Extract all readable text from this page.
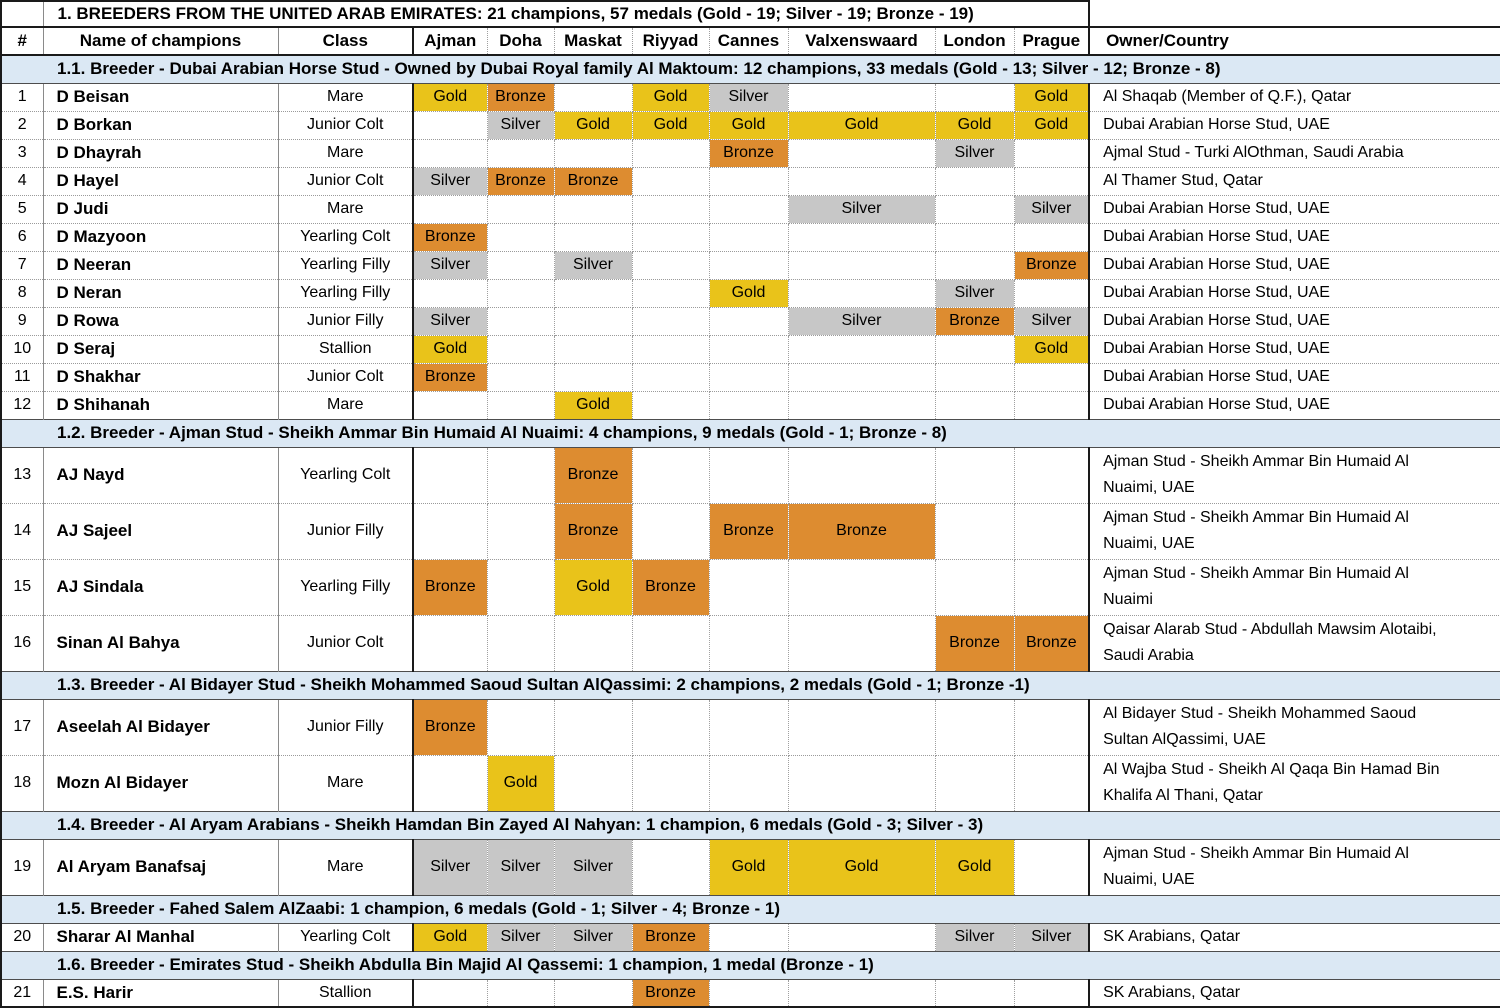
	1. BREEDERS FROM THE UNITED ARAB EMIRATES: 21 champions, 57 medals (Gold - 19; Silver - 19; Bronze - 19)										
#	Name of champions	Class	Ajman	Doha	Maskat	Riyyad	Cannes	Valxenswaard	London	Prague	Owner/Country
1.1. Breeder - Dubai Arabian Horse Stud - Owned by Dubai Royal family Al Maktoum: 12 champions, 33 medals (Gold - 13; Silver - 12; Bronze - 8)											
1	D Beisan	Mare	Gold	Bronze		Gold	Silver			Gold	Al Shaqab (Member of Q.F.), Qatar
2	D Borkan	Junior Colt		Silver	Gold	Gold	Gold	Gold	Gold	Gold	Dubai Arabian Horse Stud, UAE
3	D Dhayrah	Mare					Bronze		Silver		Ajmal Stud - Turki AlOthman, Saudi Arabia
4	D Hayel	Junior Colt	Silver	Bronze	Bronze						Al Thamer Stud, Qatar
5	D Judi	Mare						Silver		Silver	Dubai Arabian Horse Stud, UAE
6	D Mazyoon	Yearling Colt	Bronze								Dubai Arabian Horse Stud, UAE
7	D Neeran	Yearling Filly	Silver		Silver					Bronze	Dubai Arabian Horse Stud, UAE
8	D Neran	Yearling Filly					Gold		Silver		Dubai Arabian Horse Stud, UAE
9	D Rowa	Junior Filly	Silver					Silver	Bronze	Silver	Dubai Arabian Horse Stud, UAE
10	D Seraj	Stallion	Gold							Gold	Dubai Arabian Horse Stud, UAE
11	D Shakhar	Junior Colt	Bronze								Dubai Arabian Horse Stud, UAE
12	D Shihanah	Mare			Gold						Dubai Arabian Horse Stud, UAE
1.2. Breeder - Ajman Stud - Sheikh Ammar Bin Humaid Al Nuaimi: 4 champions, 9 medals (Gold - 1; Bronze - 8)											
13	AJ Nayd	Yearling Colt			Bronze						Ajman Stud - Sheikh Ammar Bin Humaid Al Nuaimi, UAE
14	AJ Sajeel	Junior Filly			Bronze		Bronze	Bronze			Ajman Stud - Sheikh Ammar Bin Humaid Al Nuaimi, UAE
15	AJ Sindala	Yearling Filly	Bronze		Gold	Bronze					Ajman Stud - Sheikh Ammar Bin Humaid Al Nuaimi
16	Sinan Al Bahya	Junior Colt							Bronze	Bronze	Qaisar Alarab Stud - Abdullah Mawsim Alotaibi, Saudi Arabia
1.3. Breeder - Al Bidayer Stud - Sheikh Mohammed Saoud Sultan AlQassimi: 2 champions, 2 medals (Gold - 1; Bronze -1)											
17	Aseelah Al Bidayer	Junior Filly	Bronze								Al Bidayer Stud - Sheikh Mohammed Saoud Sultan AlQassimi, UAE
18	Mozn Al Bidayer	Mare		Gold							Al Wajba Stud - Sheikh Al Qaqa Bin Hamad Bin Khalifa Al Thani, Qatar
1.4. Breeder - Al Aryam Arabians - Sheikh Hamdan Bin Zayed Al Nahyan: 1 champion, 6 medals (Gold - 3; Silver - 3)											
19	Al Aryam Banafsaj	Mare	Silver	Silver	Silver		Gold	Gold	Gold		Ajman Stud - Sheikh Ammar Bin Humaid Al Nuaimi, UAE
1.5. Breeder - Fahed Salem AlZaabi: 1 champion, 6 medals (Gold - 1; Silver - 4; Bronze - 1)											
20	Sharar Al Manhal	Yearling Colt	Gold	Silver	Silver	Bronze			Silver	Silver	SK Arabians, Qatar
1.6. Breeder - Emirates Stud - Sheikh Abdulla Bin Majid Al Qassemi: 1 champion, 1 medal (Bronze - 1)											
21	E.S. Harir	Stallion				Bronze					SK Arabians, Qatar
